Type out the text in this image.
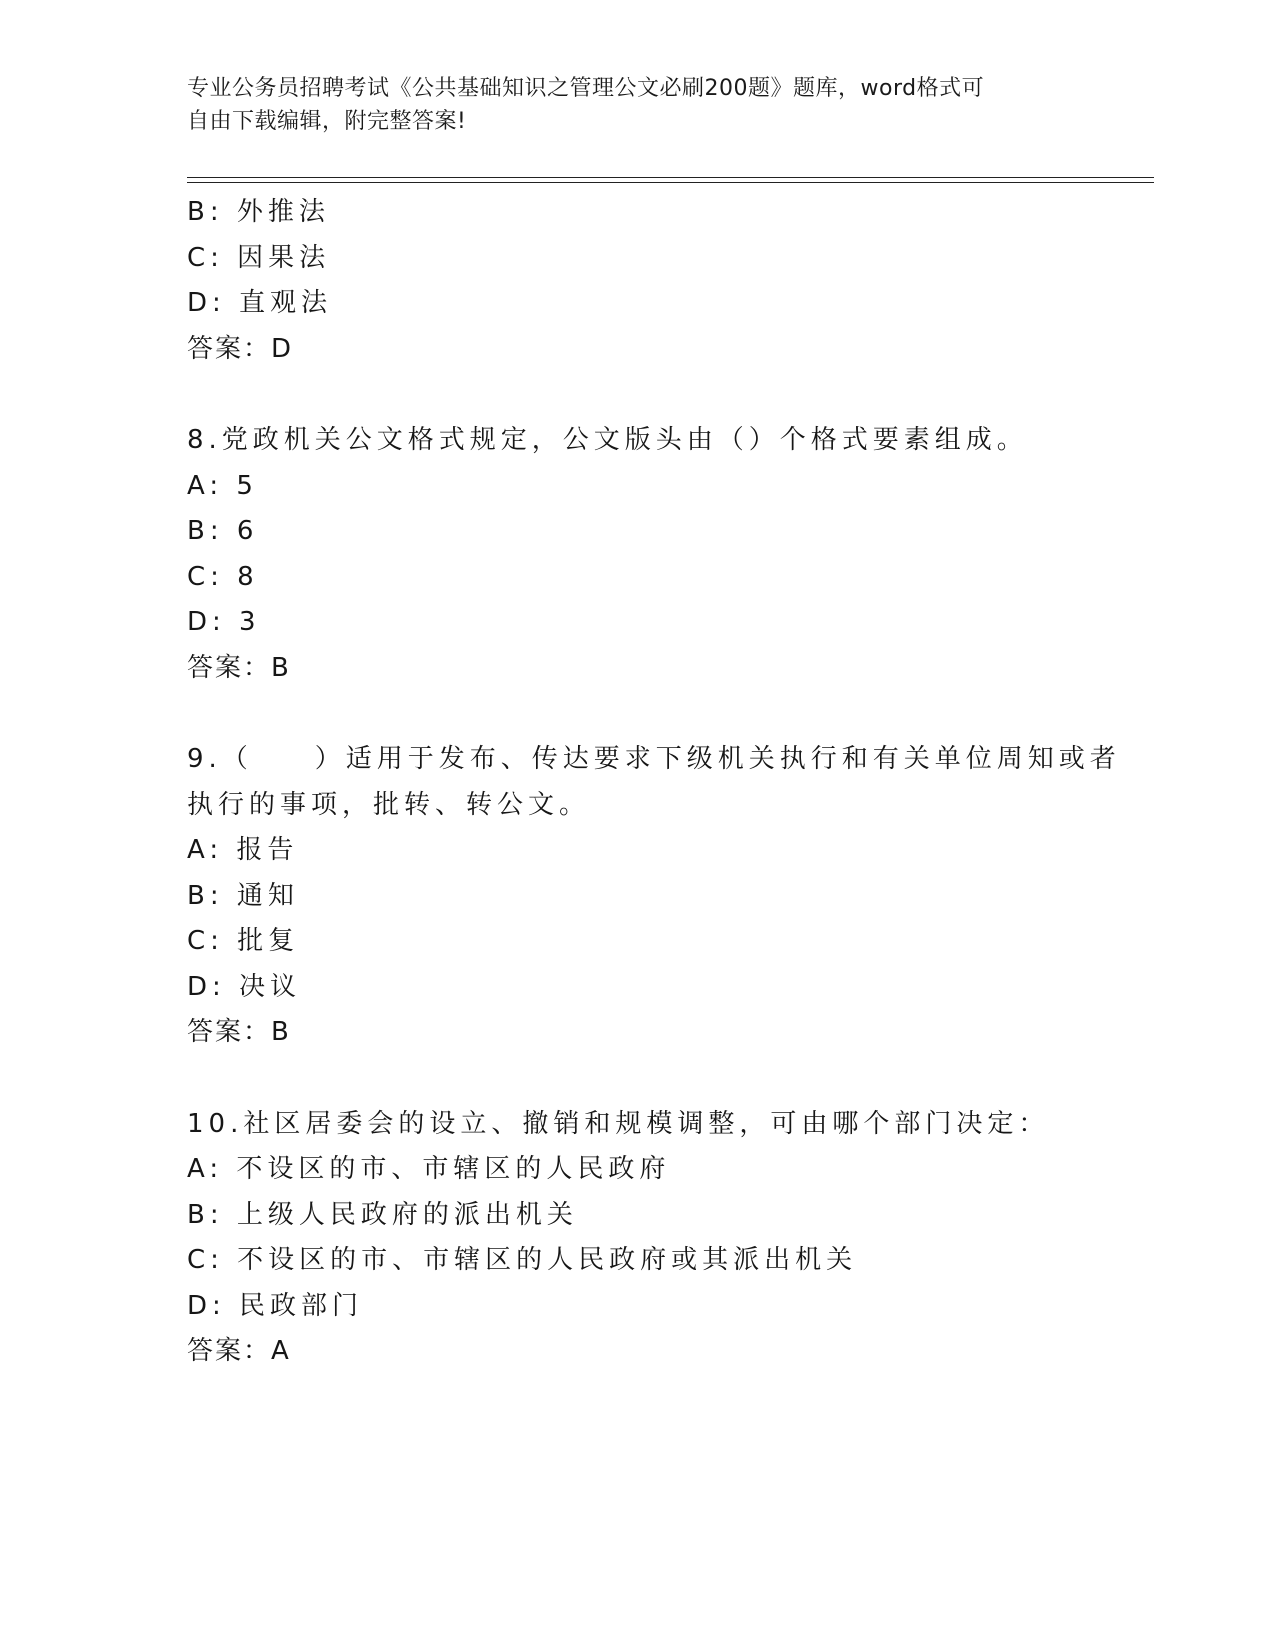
专业公务员招聘考试《公共基础知识之管理公文必刷200题》题库，word格式可
自由下载编辑，附完整答案!
B: 外推法
C: 因果法
D: 直观法
答案：D
8.党政机关公文格式规定，公文版头由（）个格式要素组成。
A: 5
B: 6
C: 8
D: 3
答案：B
9.（　　）适用于发布、传达要求下级机关执行和有关单位周知或者
执行的事项，批转、转公文。
A: 报告
B: 通知
C: 批复
D: 决议
答案：B
10.社区居委会的设立、撤销和规模调整，可由哪个部门决定：
A: 不设区的市、市辖区的人民政府
B: 上级人民政府的派出机关
C: 不设区的市、市辖区的人民政府或其派出机关
D: 民政部门
答案：A
